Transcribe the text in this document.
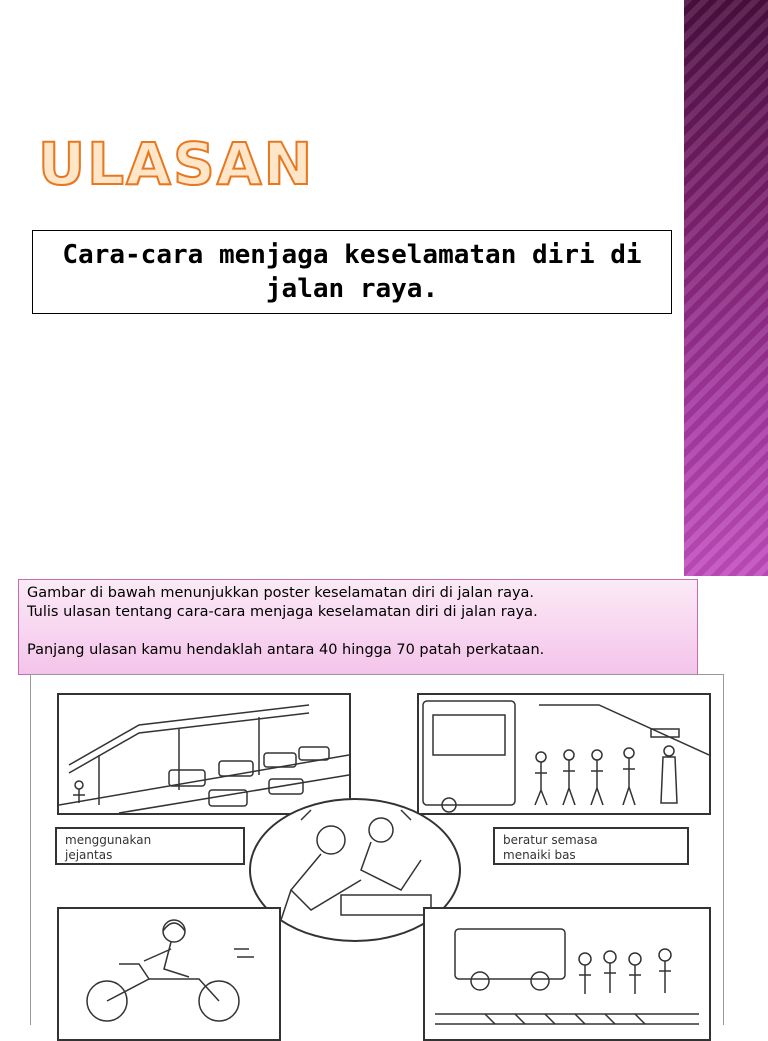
ULASAN
Cara-cara menjaga keselamatan diri di jalan raya.

Gambar di bawah menunjukkan poster keselamatan diri di jalan raya.

Tulis ulasan tentang cara-cara menjaga keselamatan diri di jalan raya.

Panjang ulasan kamu hendaklah antara 40 hingga 70 patah perkataan.

menggunakan
jejantas
beratur semasa
menaiki bas
